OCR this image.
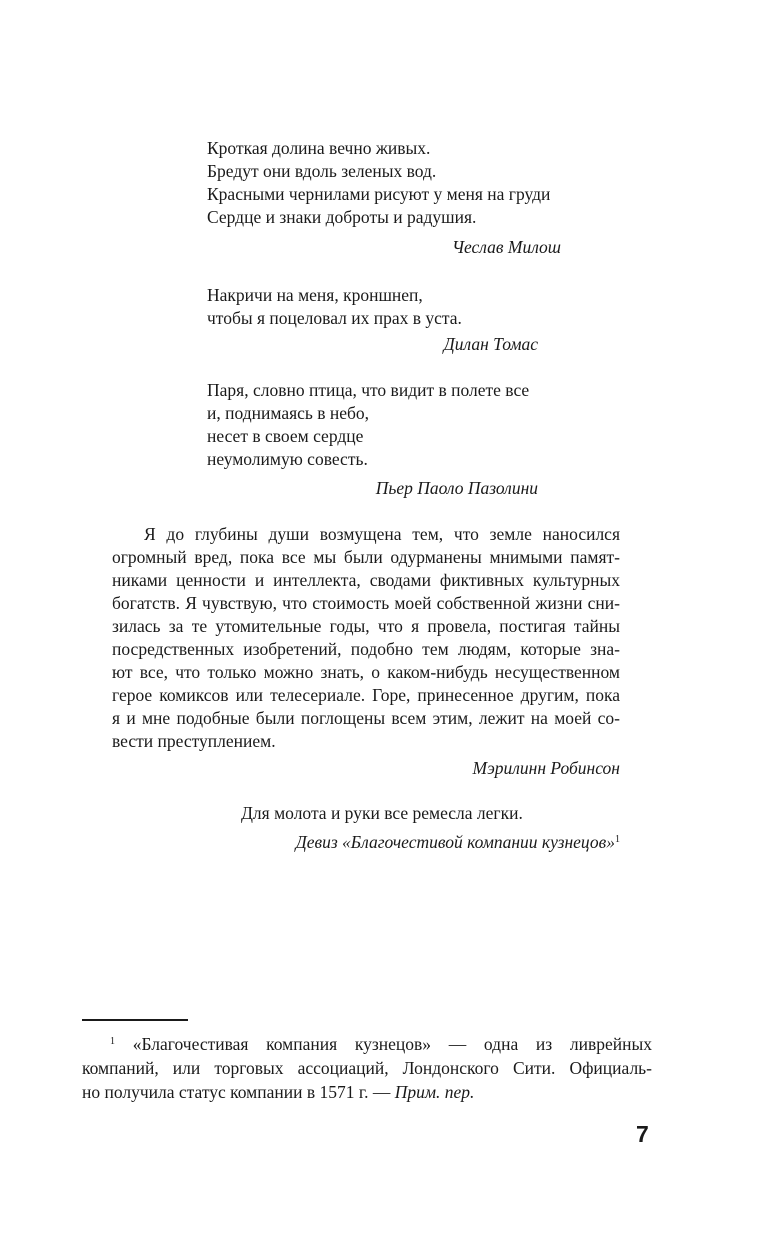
Кроткая долина вечно живых.
Бредут они вдоль зеленых вод.
Красными чернилами рисуют у меня на груди
Сердце и знаки доброты и радушия.
Чеслав Милош
Накричи на меня, кроншнеп,
чтобы я поцеловал их прах в уста.
Дилан Томас
Паря, словно птица, что видит в полете все
и, поднимаясь в небо,
несет в своем сердце
неумолимую совесть.
Пьер Паоло Пазолини
Я до глубины души возмущена тем, что земле наносился
огромный вред, пока все мы были одурманены мнимыми памят-
никами ценности и интеллекта, сводами фиктивных культурных
богатств. Я чувствую, что стоимость моей собственной жизни сни-
зилась за те утомительные годы, что я провела, постигая тайны
посредственных изобретений, подобно тем людям, которые зна-
ют все, что только можно знать, о каком-нибудь несущественном
герое комиксов или телесериале. Горе, принесенное другим, пока
я и мне подобные были поглощены всем этим, лежит на моей со-
вести преступлением.
Мэрилинн Робинсон
Для молота и руки все ремесла легки.
Девиз «Благочестивой компании кузнецов»$^1$
$^1$ «Благочестивая компания кузнецов» — одна из ливрейных
компаний, или торговых ассоциаций, Лондонского Сити. Официаль-
но получила статус компании в 1571 г. — Прим. пер.
7
